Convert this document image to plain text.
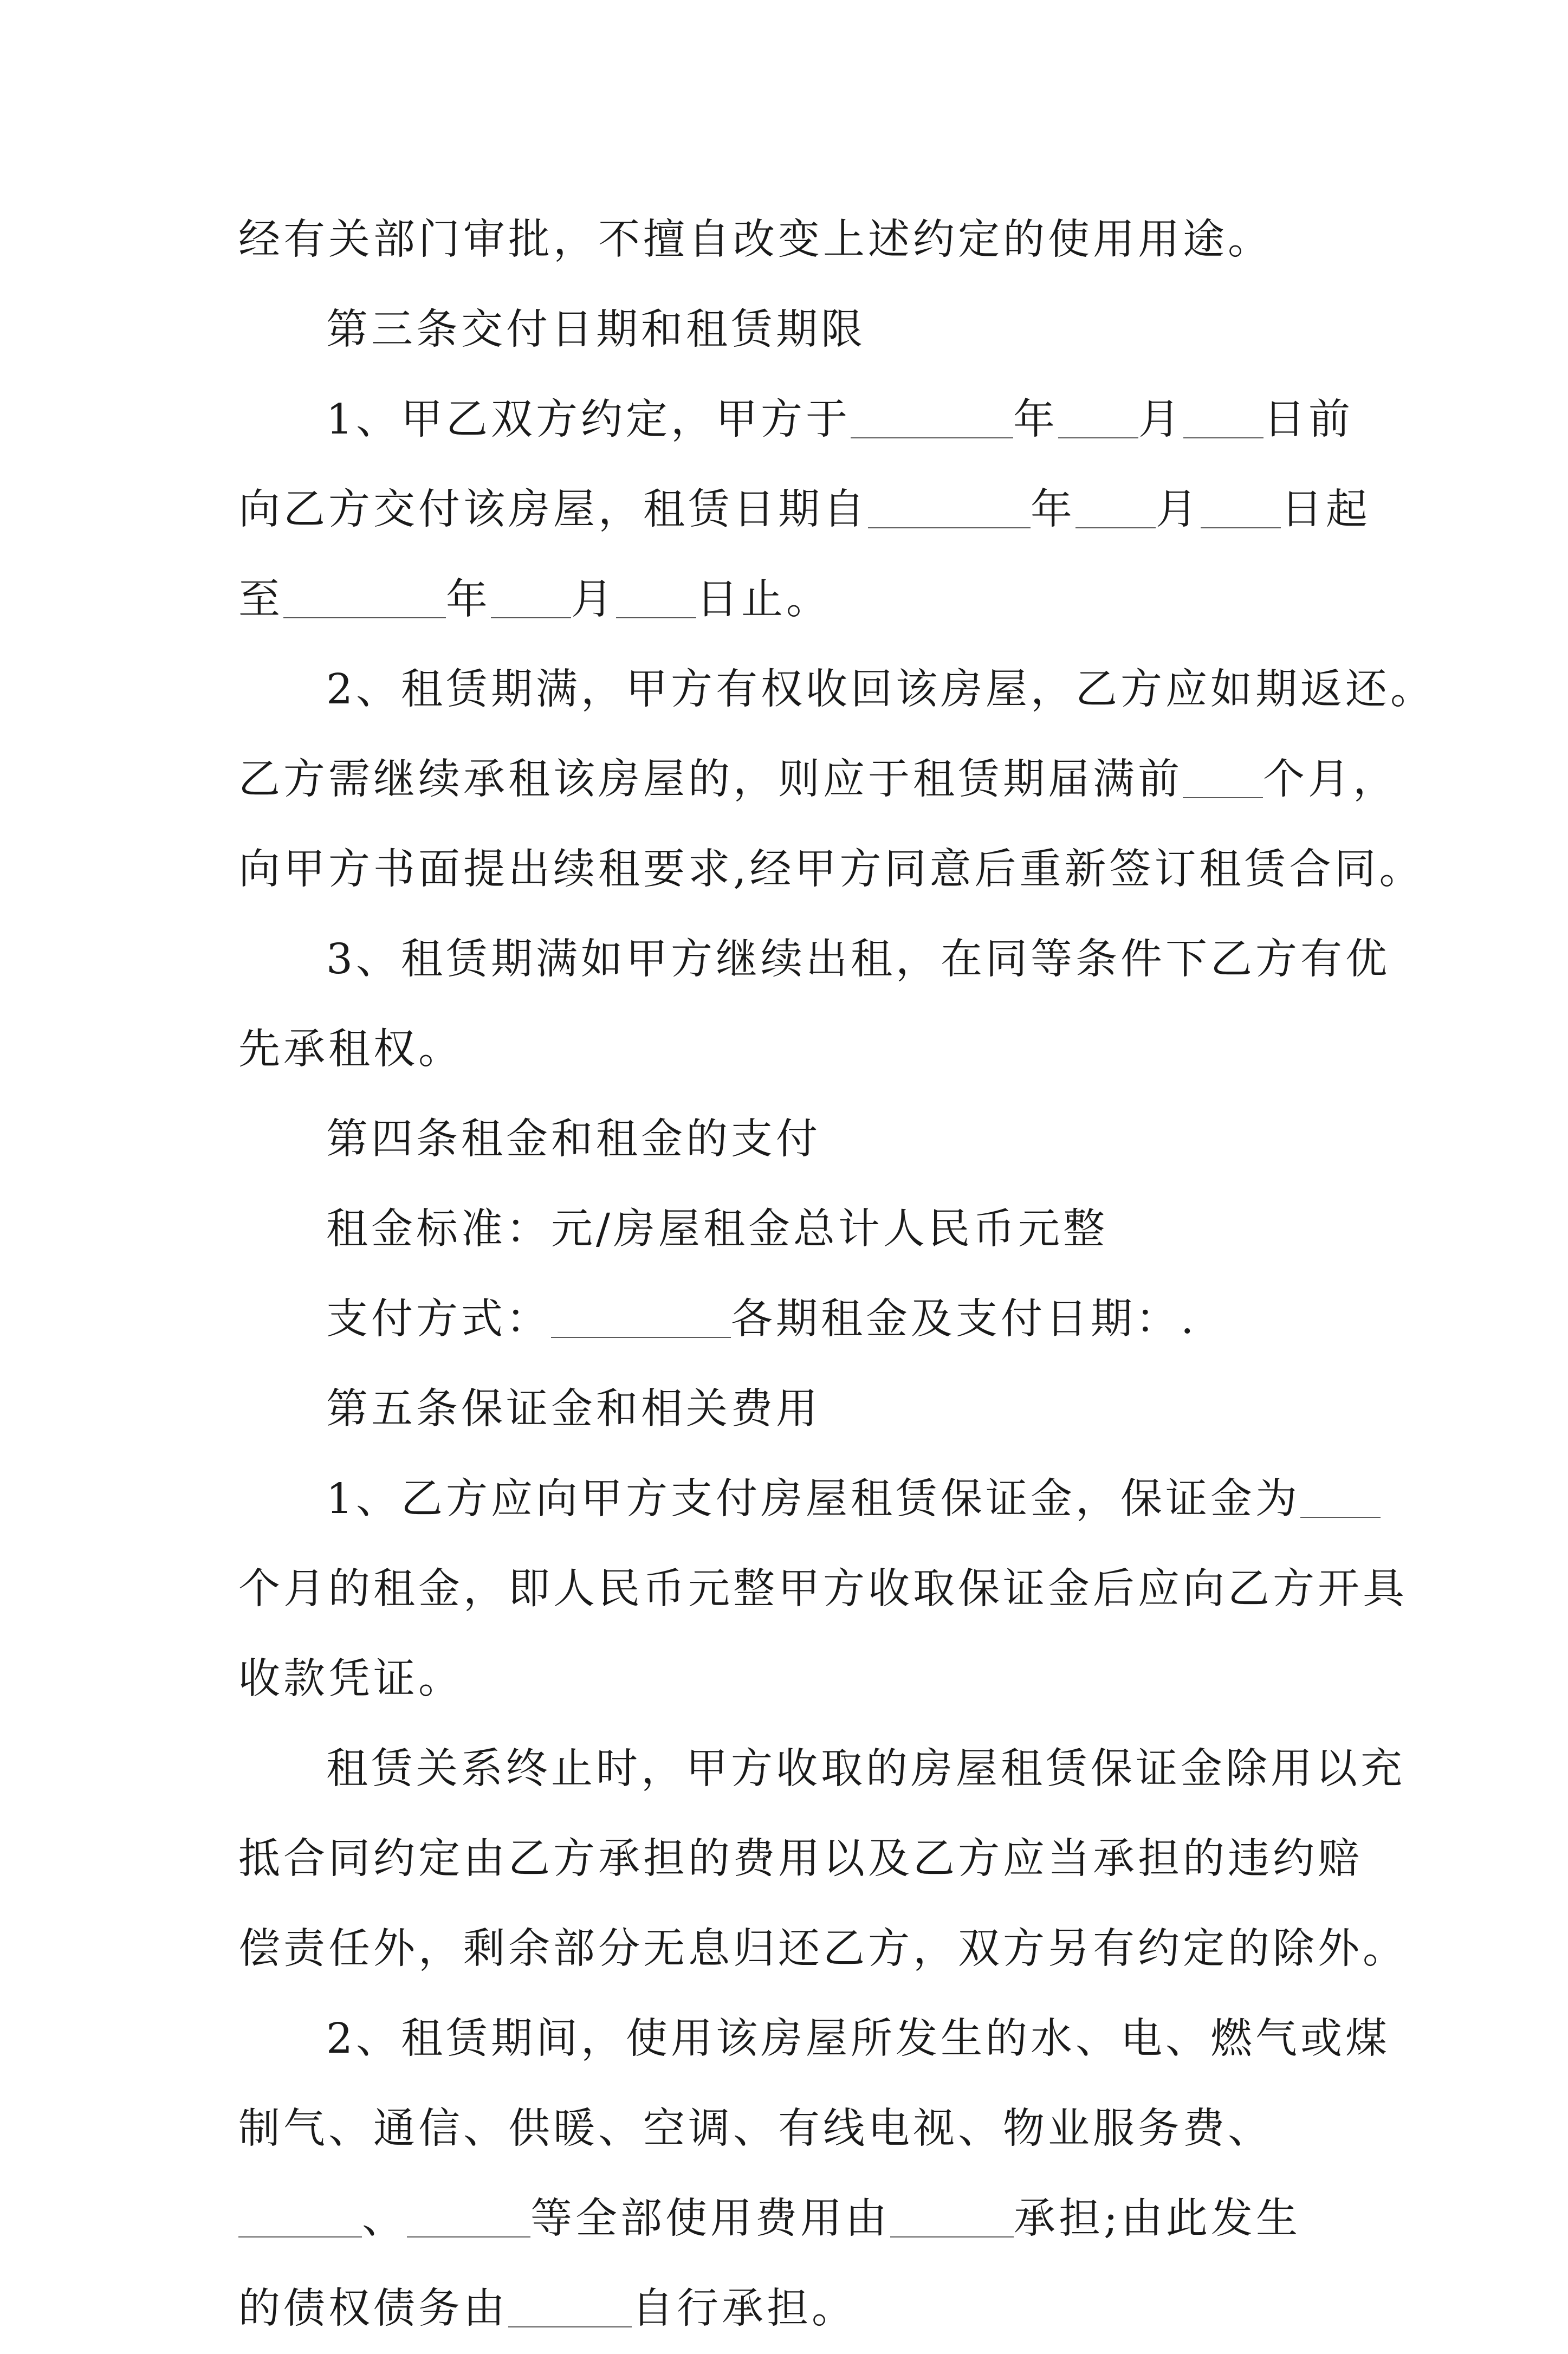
经有关部门审批，不擅自改变上述约定的使用用途。
第三条交付日期和租赁期限
1、甲乙双方约定，甲方于	年 月 日前
向乙方交付该房屋，租赁日期自	年 月 日起
至	年 月 日止。
2、租赁期满，甲方有权收回该房屋，乙方应如期返还。
乙方需继续承租该房屋的，则应于租赁期届满前 个月，
向甲方书面提出续租要求,经甲方同意后重新签订租赁合同。
3、租赁期满如甲方继续出租，在同等条件下乙方有优
先承租权。
第四条租金和租金的支付
租金标准：元/房屋租金总计人民币元整
支付方式：	各期租金及支付日期：.
第五条保证金和相关费用
1、乙方应向甲方支付房屋租赁保证金，保证金为
个月的租金，即人民币元整甲方收取保证金后应向乙方开具
收款凭证。
租赁关系终止时，甲方收取的房屋租赁保证金除用以充
抵合同约定由乙方承担的费用以及乙方应当承担的违约赔
偿责任外，剩余部分无息归还乙方，双方另有约定的除外。
2、租赁期间，使用该房屋所发生的水、电、燃气或煤
制气、通信、供暖、空调、有线电视、物业服务费、
、	等全部使用费用由	承担;由此发生
的债权债务由	自行承担。
